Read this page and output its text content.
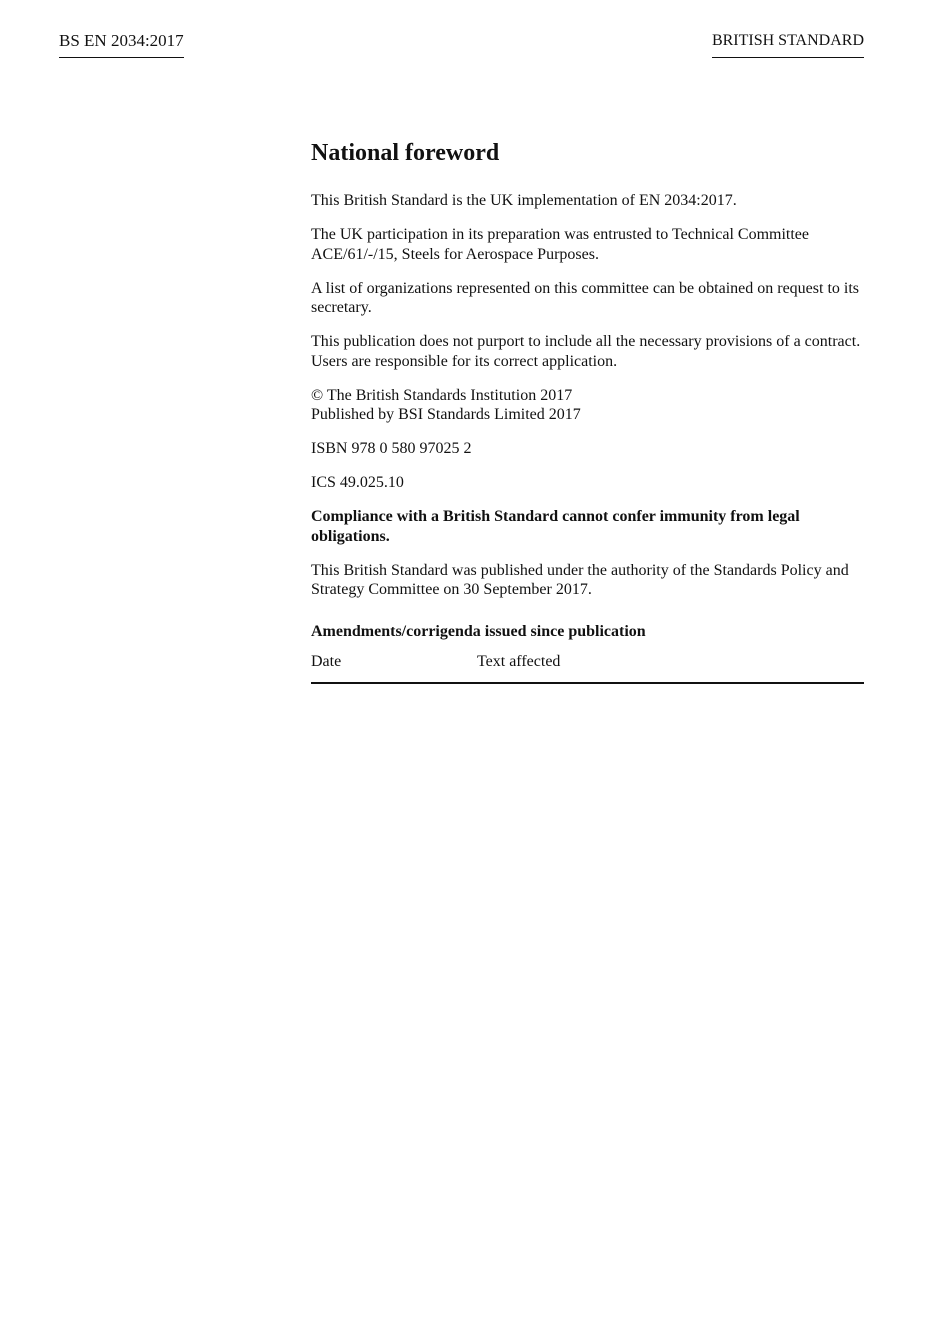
BS EN 2034:2017	BRITISH STANDARD
National foreword

This British Standard is the UK implementation of EN 2034:2017.

The UK participation in its preparation was entrusted to Technical Committee ACE/61/-/15, Steels for Aerospace Purposes.

A list of organizations represented on this committee can be obtained on request to its secretary.

This publication does not purport to include all the necessary provisions of a contract. Users are responsible for its correct application.

© The British Standards Institution 2017
Published by BSI Standards Limited 2017

ISBN 978 0 580 97025 2

ICS 49.025.10

Compliance with a British Standard cannot confer immunity from legal obligations.

This British Standard was published under the authority of the Standards Policy and Strategy Committee on 30 September 2017.

Amendments/corrigenda issued since publication
Date	Text affected
